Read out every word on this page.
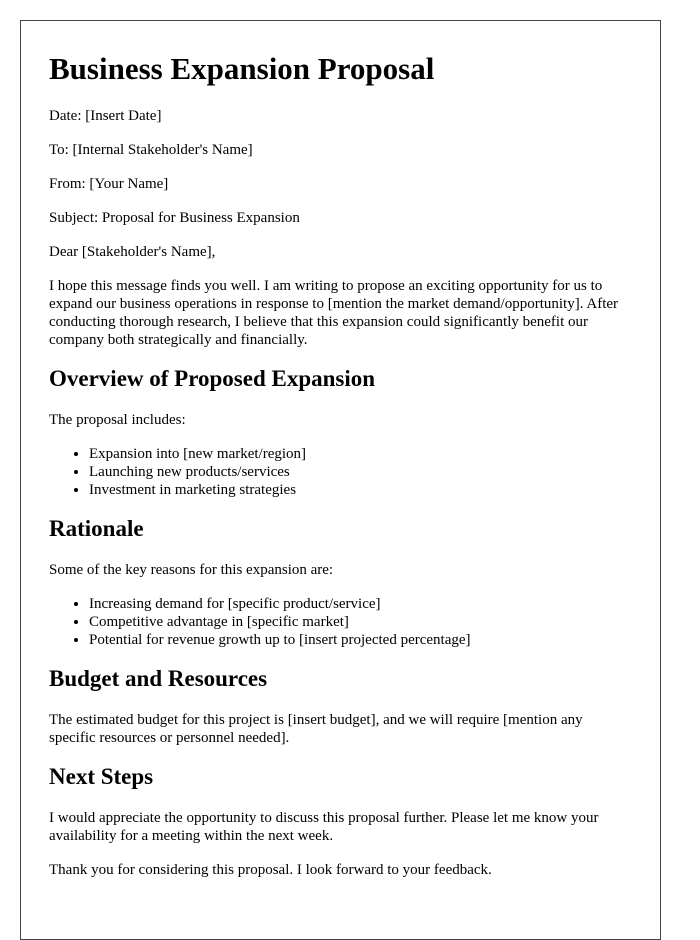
Business Expansion Proposal

Date: [Insert Date]

To: [Internal Stakeholder's Name]

From: [Your Name]

Subject: Proposal for Business Expansion

Dear [Stakeholder's Name],

I hope this message finds you well. I am writing to propose an exciting opportunity for us to expand our business operations in response to [mention the market demand/opportunity]. After conducting thorough research, I believe that this expansion could significantly benefit our company both strategically and financially.

Overview of Proposed Expansion

The proposal includes:

• Expansion into [new market/region]
• Launching new products/services
• Investment in marketing strategies
Rationale

Some of the key reasons for this expansion are:

• Increasing demand for [specific product/service]
• Competitive advantage in [specific market]
• Potential for revenue growth up to [insert projected percentage]
Budget and Resources

The estimated budget for this project is [insert budget], and we will require [mention any specific resources or personnel needed].

Next Steps

I would appreciate the opportunity to discuss this proposal further. Please let me know your availability for a meeting within the next week.

Thank you for considering this proposal. I look forward to your feedback.
